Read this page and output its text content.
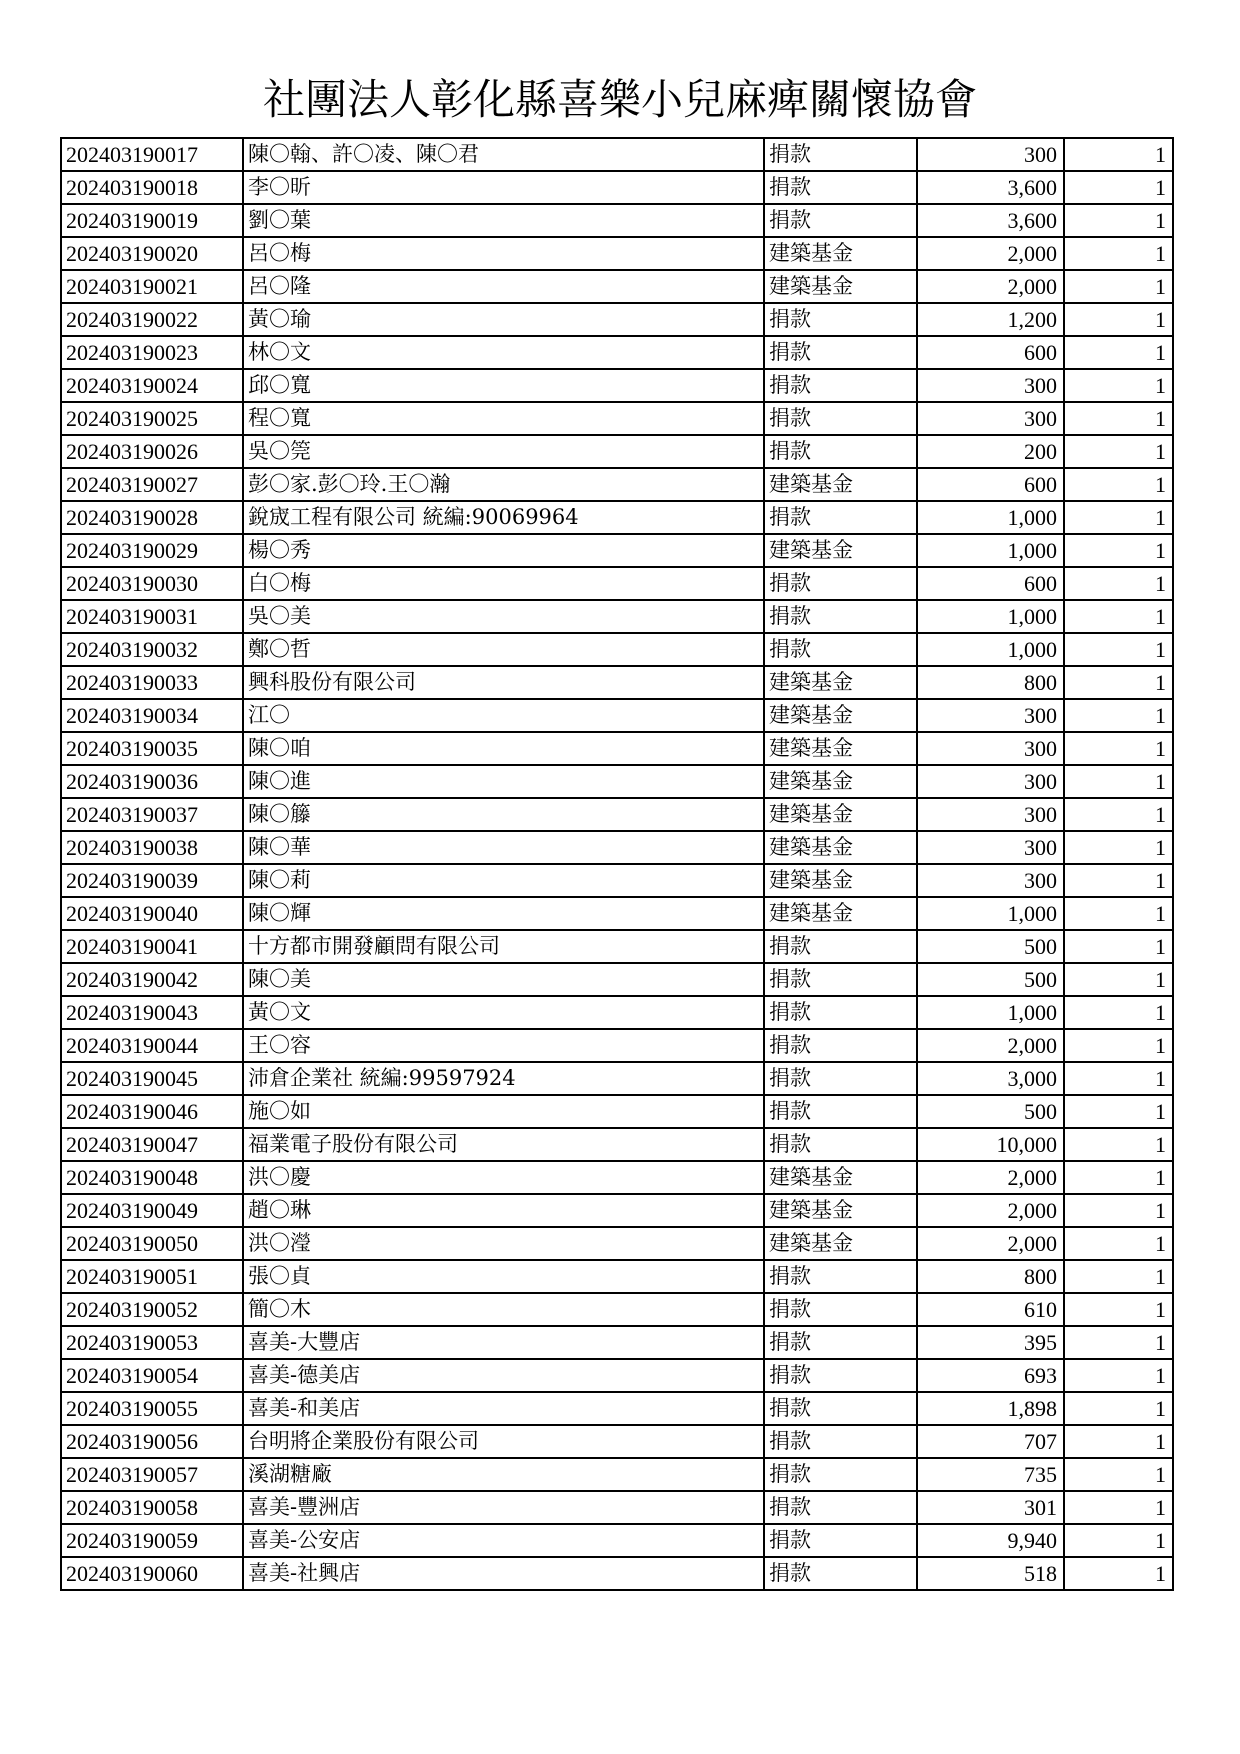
社團法人彰化縣喜樂小兒麻痺關懷協會
202403190017	陳〇翰、許〇凌、陳〇君	捐款	300	1
202403190018	李〇昕	捐款	3,600	1
202403190019	劉〇葉	捐款	3,600	1
202403190020	呂〇梅	建築基金	2,000	1
202403190021	呂〇隆	建築基金	2,000	1
202403190022	黃〇瑜	捐款	1,200	1
202403190023	林〇文	捐款	600	1
202403190024	邱〇寬	捐款	300	1
202403190025	程〇寬	捐款	300	1
202403190026	吳〇筦	捐款	200	1
202403190027	彭〇家.彭〇玲.王〇瀚	建築基金	600	1
202403190028	銳宬工程有限公司 統編:90069964	捐款	1,000	1
202403190029	楊〇秀	建築基金	1,000	1
202403190030	白〇梅	捐款	600	1
202403190031	吳〇美	捐款	1,000	1
202403190032	鄭〇哲	捐款	1,000	1
202403190033	興科股份有限公司	建築基金	800	1
202403190034	江〇	建築基金	300	1
202403190035	陳〇咱	建築基金	300	1
202403190036	陳〇進	建築基金	300	1
202403190037	陳〇籐	建築基金	300	1
202403190038	陳〇華	建築基金	300	1
202403190039	陳〇莉	建築基金	300	1
202403190040	陳〇輝	建築基金	1,000	1
202403190041	十方都市開發顧問有限公司	捐款	500	1
202403190042	陳〇美	捐款	500	1
202403190043	黃〇文	捐款	1,000	1
202403190044	王〇容	捐款	2,000	1
202403190045	沛倉企業社 統編:99597924	捐款	3,000	1
202403190046	施〇如	捐款	500	1
202403190047	福業電子股份有限公司	捐款	10,000	1
202403190048	洪〇慶	建築基金	2,000	1
202403190049	趙〇琳	建築基金	2,000	1
202403190050	洪〇瀅	建築基金	2,000	1
202403190051	張〇貞	捐款	800	1
202403190052	簡〇木	捐款	610	1
202403190053	喜美-大豐店	捐款	395	1
202403190054	喜美-德美店	捐款	693	1
202403190055	喜美-和美店	捐款	1,898	1
202403190056	台明將企業股份有限公司	捐款	707	1
202403190057	溪湖糖廠	捐款	735	1
202403190058	喜美-豐洲店	捐款	301	1
202403190059	喜美-公安店	捐款	9,940	1
202403190060	喜美-社興店	捐款	518	1
